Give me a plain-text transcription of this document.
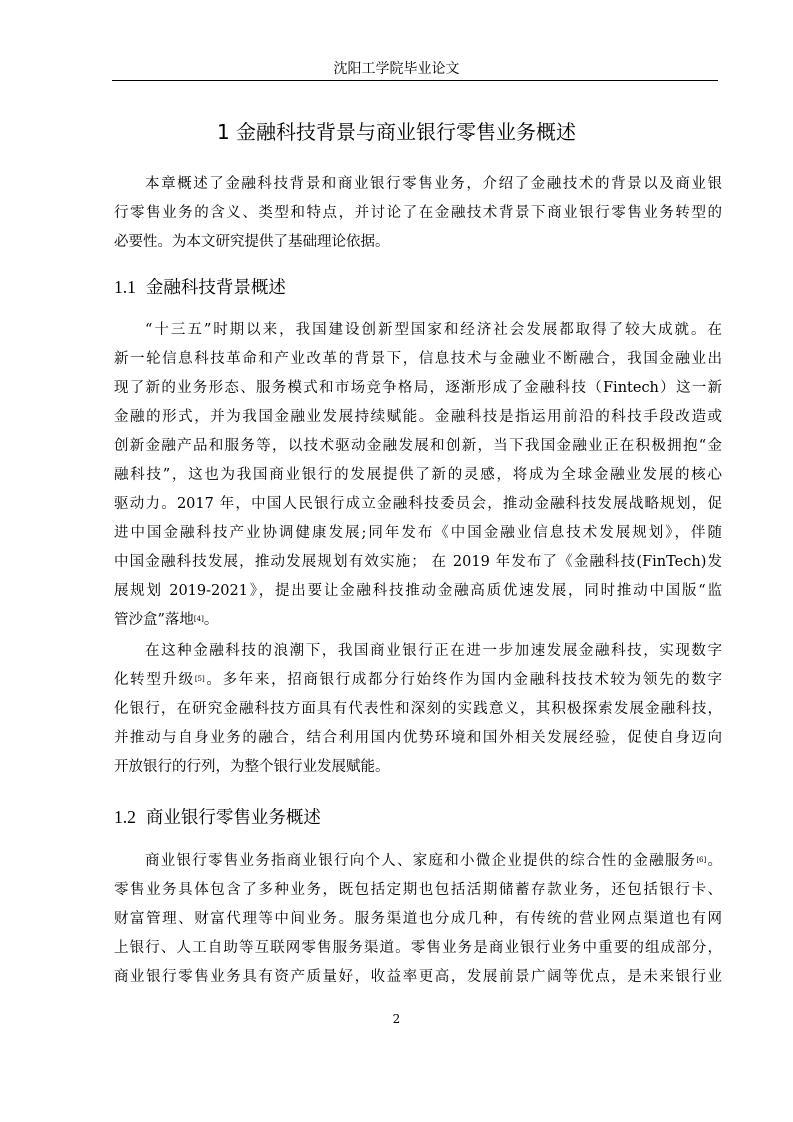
沈阳工学院毕业论文
1 金融科技背景与商业银行零售业务概述
本章概述了金融科技背景和商业银行零售业务，介绍了金融技术的背景以及商业银
行零售业务的含义、类型和特点，并讨论了在金融技术背景下商业银行零售业务转型的
必要性。为本文研究提供了基础理论依据。
1.1 金融科技背景概述
“十三五”时期以来，我国建设创新型国家和经济社会发展都取得了较大成就。在
新一轮信息科技革命和产业改革的背景下，信息技术与金融业不断融合，我国金融业出
现了新的业务形态、服务模式和市场竞争格局，逐渐形成了金融科技（Fintech）这一新
金融的形式，并为我国金融业发展持续赋能。金融科技是指运用前沿的科技手段改造或
创新金融产品和服务等，以技术驱动金融发展和创新，当下我国金融业正在积极拥抱“金
融科技”，这也为我国商业银行的发展提供了新的灵感，将成为全球金融业发展的核心
驱动力。2017 年，中国人民银行成立金融科技委员会，推动金融科技发展战略规划，促
进中国金融科技产业协调健康发展;同年发布《中国金融业信息技术发展规划》，伴随
中国金融科技发展，推动发展规划有效实施； 在 2019 年发布了《金融科技(FinTech)发
展规划 2019-2021》，提出要让金融科技推动金融高质优速发展，同时推动中国版“监
管沙盒”落地[4]。
在这种金融科技的浪潮下，我国商业银行正在进一步加速发展金融科技，实现数字
化转型升级[5]。多年来，招商银行成都分行始终作为国内金融科技技术较为领先的数字
化银行，在研究金融科技方面具有代表性和深刻的实践意义，其积极探索发展金融科技，
并推动与自身业务的融合，结合利用国内优势环境和国外相关发展经验，促使自身迈向
开放银行的行列，为整个银行业发展赋能。
1.2 商业银行零售业务概述
商业银行零售业务指商业银行向个人、家庭和小微企业提供的综合性的金融服务[6]。
零售业务具体包含了多种业务，既包括定期也包括活期储蓄存款业务，还包括银行卡、
财富管理、财富代理等中间业务。服务渠道也分成几种，有传统的营业网点渠道也有网
上银行、人工自助等互联网零售服务渠道。零售业务是商业银行业务中重要的组成部分，
商业银行零售业务具有资产质量好，收益率更高，发展前景广阔等优点，是未来银行业
2
